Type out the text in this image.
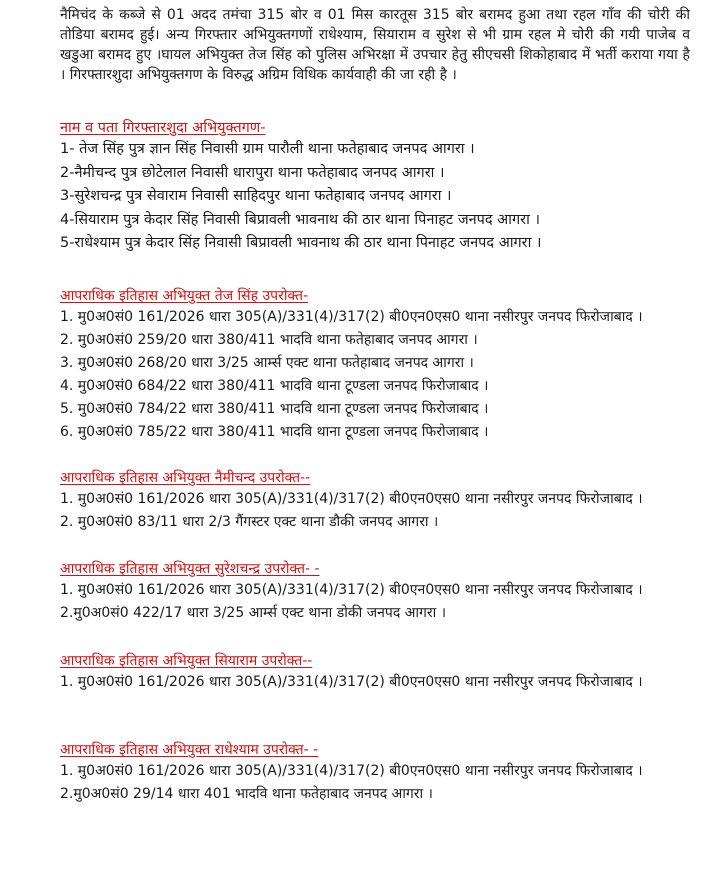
नैमिचंद के कब्जे से 01 अदद तमंचा 315 बोर व 01 मिस कारतूस 315 बोर बरामद हुआ तथा रहल गाँव की चोरी की तोडिया बरामद हुई। अन्य गिरफ्तार अभियुक्तगणों राधेश्याम, सियाराम व सुरेश से भी ग्राम रहल मे चोरी की गयी पाजेब व खडुआ बरामद हुए ।घायल अभियुक्त तेज सिंह को पुलिस अभिरक्षा में उपचार हेतु सीएचसी शिकोहाबाद में भर्ती कराया गया है । गिरफ्तारशुदा अभियुक्तगण के विरुद्ध अग्रिम विधिक कार्यवाही की जा रही है ।

नाम व पता गिरफ्तारशुदा अभियुक्तगण-
1- तेज सिंह पुत्र ज्ञान सिंह निवासी ग्राम पारौली थाना फतेहाबाद जनपद आगरा ।
2-नैमीचन्द पुत्र छोटेलाल निवासी धारापुरा थाना फतेहाबाद जनपद आगरा ।
3-सुरेशचन्द्र पुत्र सेवाराम निवासी साहिदपुर थाना फतेहाबाद जनपद आगरा ।
4-सियाराम पुत्र केदार सिंह निवासी बिप्रावली भावनाथ की ठार थाना पिनाहट जनपद आगरा ।
5-राधेश्याम पुत्र केदार सिंह निवासी बिप्रावली भावनाथ की ठार थाना पिनाहट जनपद आगरा ।
आपराधिक इतिहास अभियुक्त तेज सिंह उपरोक्त-
1. मु0अ0सं0 161/2026 धारा 305(A)/331(4)/317(2) बी0एन0एस0 थाना नसीरपुर जनपद फिरोजाबाद ।
2. मु0अ0सं0 259/20 धारा 380/411 भादवि थाना फतेहाबाद जनपद आगरा ।
3. मु0अ0सं0 268/20 धारा 3/25 आर्म्स एक्ट थाना फतेहाबाद जनपद आगरा ।
4. मु0अ0सं0 684/22 धारा 380/411 भादवि थाना टूण्डला जनपद फिरोजाबाद ।
5. मु0अ0सं0 784/22 धारा 380/411 भादवि थाना टूण्डला जनपद फिरोजाबाद ।
6. मु0अ0सं0 785/22 धारा 380/411 भादवि थाना टूण्डला जनपद फिरोजाबाद ।
आपराधिक इतिहास अभियुक्त नैमीचन्द उपरोक्त--
1. मु0अ0सं0 161/2026 धारा 305(A)/331(4)/317(2) बी0एन0एस0 थाना नसीरपुर जनपद फिरोजाबाद ।
2. मु0अ0सं0 83/11 धारा 2/3 गैंगस्टर एक्ट थाना डौकी जनपद आगरा ।
आपराधिक इतिहास अभियुक्त सुरेशचन्द्र उपरोक्त- -
1. मु0अ0सं0 161/2026 धारा 305(A)/331(4)/317(2) बी0एन0एस0 थाना नसीरपुर जनपद फिरोजाबाद ।
2.मु0अ0सं0 422/17 धारा 3/25 आर्म्स एक्ट थाना डोकी जनपद आगरा ।
आपराधिक इतिहास अभियुक्त सियाराम उपरोक्त--
1. मु0अ0सं0 161/2026 धारा 305(A)/331(4)/317(2) बी0एन0एस0 थाना नसीरपुर जनपद फिरोजाबाद ।
आपराधिक इतिहास अभियुक्त राधेश्याम उपरोक्त- -
1. मु0अ0सं0 161/2026 धारा 305(A)/331(4)/317(2) बी0एन0एस0 थाना नसीरपुर जनपद फिरोजाबाद ।
2.मु0अ0सं0 29/14 धारा 401 भादवि थाना फतेहाबाद जनपद आगरा ।
